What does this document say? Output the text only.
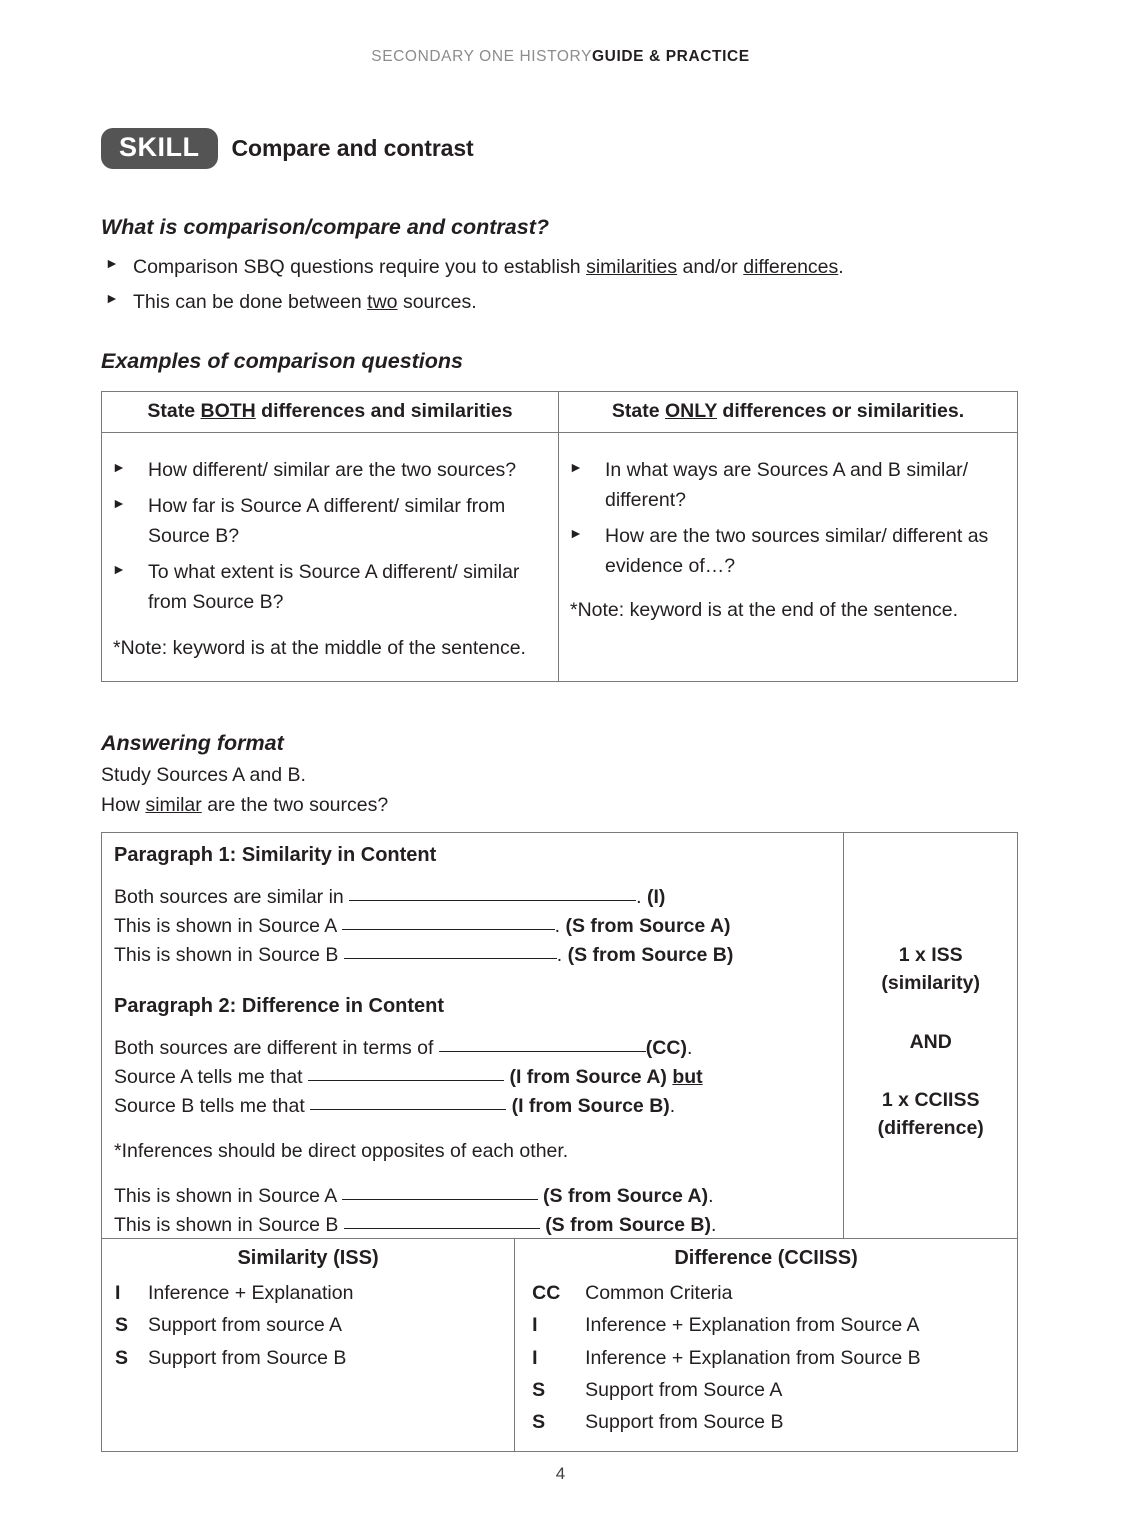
SECONDARY ONE HISTORYGUIDE & PRACTICE
SKILL	Compare and contrast
What is comparison/compare and contrast?
► Comparison SBQ questions require you to establish similarities and/or differences.
► This can be done between two sources.
Examples of comparison questions
State BOTH differences and similarities	State ONLY differences or similarities.
►	How different/ similar are the two sources?
►	How far is Source A different/ similar from Source B?
►	To what extent is Source A different/ similar from Source B?
*Note: keyword is at the middle of the sentence.
►	In what ways are Sources A and B similar/ different?
►	How are the two sources similar/ different as evidence of…?
*Note: keyword is at the end of the sentence.
Answering format
Study Sources A and B.
How similar are the two sources?
Paragraph 1: Similarity in Content
Both sources are similar in	. (I)
This is shown in Source A	. (S from Source A)
This is shown in Source B	. (S from Source B)
Paragraph 2: Difference in Content
Both sources are different in terms of	(CC).
Source A tells me that	(I from Source A) but
Source B tells me that	(I from Source B).
*Inferences should be direct opposites of each other.
This is shown in Source A	(S from Source A).
This is shown in Source B	(S from Source B).
1 x ISS
(similarity)
AND
1 x CCIISS
(difference)
Similarity (ISS)
I	Inference + Explanation
S	Support from source A
S	Support from Source B
Difference (CCIISS)
CC	Common Criteria
I	Inference + Explanation from Source A
I	Inference + Explanation from Source B
S	Support from Source A
S	Support from Source B
4
